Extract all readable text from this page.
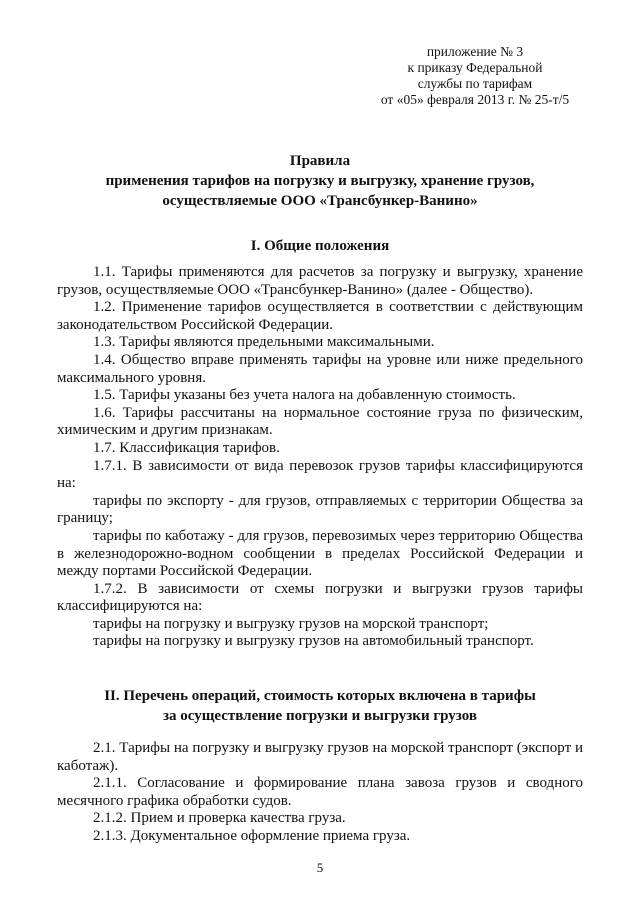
приложение № 3
к приказу Федеральной
службы по тарифам
от «05» февраля 2013 г. № 25-т/5
Правила
применения тарифов на погрузку и выгрузку, хранение грузов,
осуществляемые ООО «Трансбункер-Ванино»
I. Общие положения

1.1. Тарифы применяются для расчетов за погрузку и выгрузку, хранение грузов, осуществляемые ООО «Трансбункер-Ванино» (далее - Общество).

1.2. Применение тарифов осуществляется в соответствии с действующим законодательством Российской Федерации.

1.3. Тарифы являются предельными максимальными.

1.4. Общество вправе применять тарифы на уровне или ниже предельного максимального уровня.

1.5. Тарифы указаны без учета налога на добавленную стоимость.

1.6. Тарифы рассчитаны на нормальное состояние груза по физическим, химическим и другим признакам.

1.7. Классификация тарифов.

1.7.1. В зависимости от вида перевозок грузов тарифы классифицируются на:

тарифы по экспорту - для грузов, отправляемых с территории Общества за границу;

тарифы по каботажу - для грузов, перевозимых через территорию Общества в железнодорожно-водном сообщении в пределах Российской Федерации и между портами Российской Федерации.

1.7.2. В зависимости от схемы погрузки и выгрузки грузов тарифы классифицируются на:

тарифы на погрузку и выгрузку грузов на морской транспорт;

тарифы на погрузку и выгрузку грузов на автомобильный транспорт.

II. Перечень операций, стоимость которых включена в тарифы
за осуществление погрузки и выгрузки грузов

2.1. Тарифы на погрузку и выгрузку грузов на морской транспорт (экспорт и каботаж).

2.1.1. Согласование и формирование плана завоза грузов и сводного месячного графика обработки судов.

2.1.2. Прием и проверка качества груза.

2.1.3. Документальное оформление приема груза.

5
